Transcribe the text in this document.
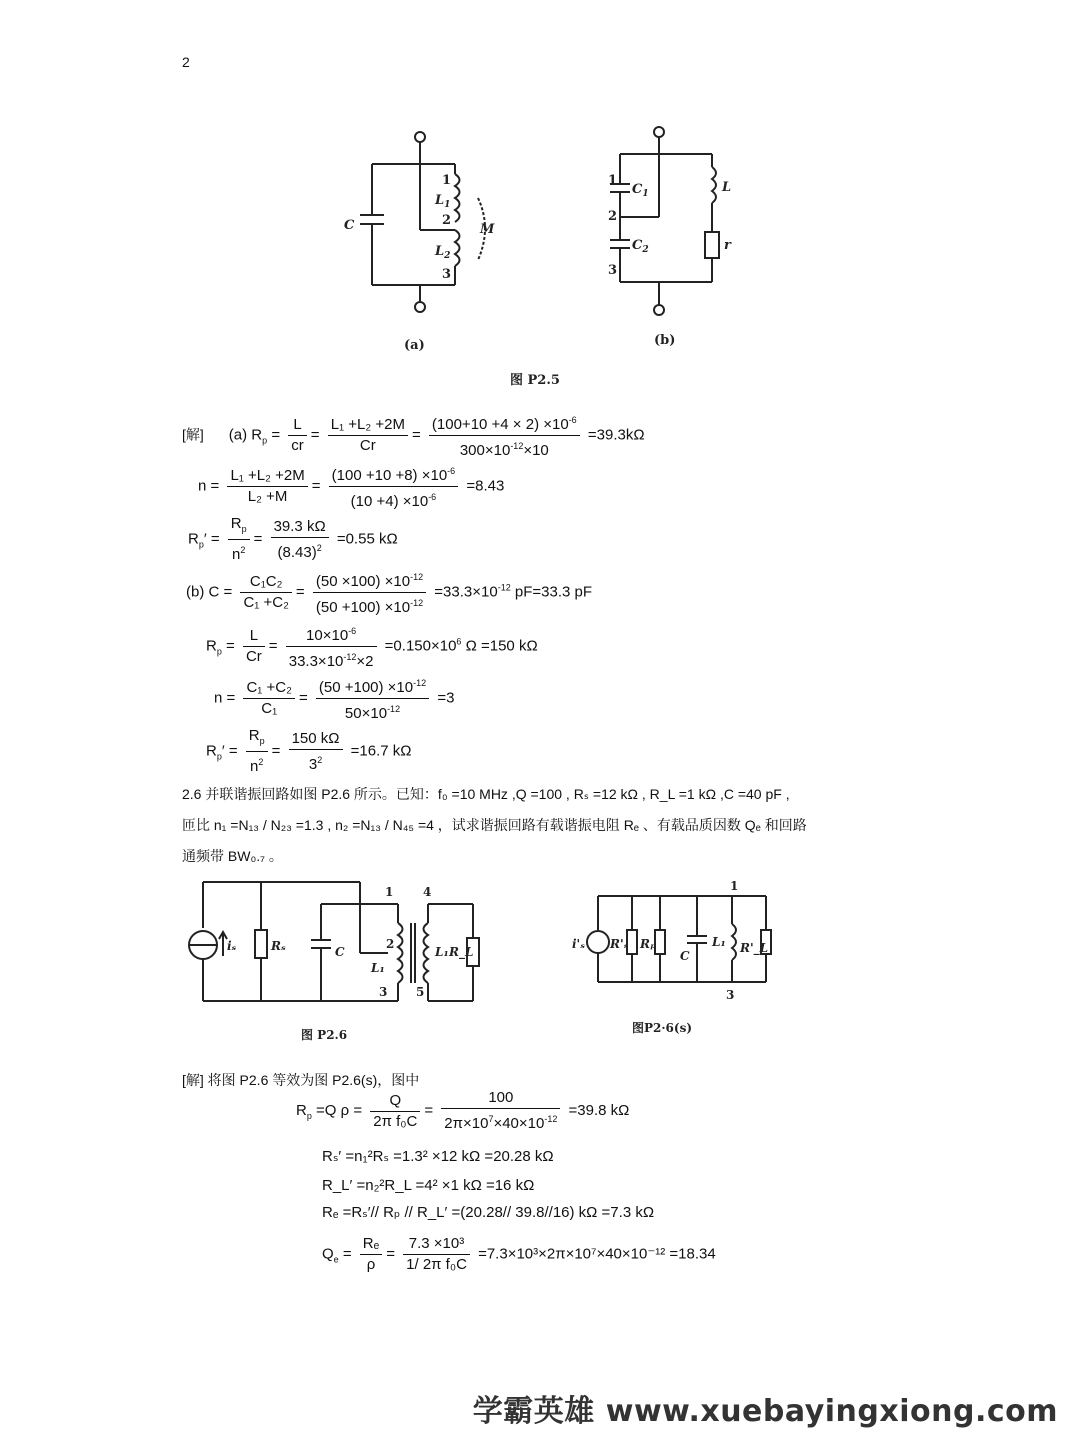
2
C
$L_1$
$L_2$
M
1
2
3
$C_1$
$C_2$
L
r
1
2
3
(a)	(b)
图 P2.5
[解] (a) $R_p = \frac{L}{cr} = \frac{\text{L₁ +L₂ +2M}}{Cr} = \frac{(100+10 +4 \times 2) \times 10^{-6}}{300\times 10^{-12}\times 10} =39.3k\Omega$
$n = \frac{\text{L₁ +L₂ +2M}}{\text{L₂ +M}} = \frac{(100 +10 +8) \times 10^{-6}}{(10 +4) \times 10^{-6}} =8.43$
$R_p' = \frac{R_p}{n^2} = \frac{39.3 k\Omega}{(8.43)^2} =0.55$ kΩ
(b) $C = \frac{\text{C₁C₂}}{\text{C₁ +C₂}} = \frac{(50 \times 100) \times 10^{-12}}{(50 +100) \times 10^{-12}} =33.3\times 10^{-12}$ pF=33.3 pF
$R_p = \frac{L}{Cr} = \frac{10\times 10^{-6}}{33.3\times 10^{-12}\times 2} =0.150\times 10^6$ Ω =150 kΩ
$n = \frac{\text{C₁ +C₂}}{\text{C₁}} = \frac{(50 +100) \times 10^{-12}}{50\times 10^{-12}} =3$
$R_p' = \frac{R_p}{n^2} = \frac{150 k\Omega}{3^2} =16.7$ kΩ
2.6 并联谐振回路如图 P2.6 所示。已知：f₀ =10 MHz ,Q =100 , Rₛ =12 kΩ , R_L =1 kΩ ,C =40 pF ,
匝比 n₁ =N₁₃ / N₂₃ =1.3 , n₂ =N₁₃ / N₄₅ =4 ，试求谐振回路有载谐振电阻 Rₑ 、有载品质因数 Qₑ 和回路
通频带 BW₀.₇ 。
iₛ	Rₛ	C
L₁
L₁ R_L
1
2
3
4
5
图 P2.6
i'ₛ R'ₛ Rₚ
C
L₁ R'_L
1
3
图P2·6(s)
[解] 将图 P2.6 等效为图 P2.6(s)，图中
$R_p =Q$ $\rho = \frac{Q}{\text{2π f₀C}} = \frac{100}{2\pi\times 10^7\times 40\times 10^{-12}} =39.8$ kΩ
Rₛ′ =n₁²Rₛ =1.3² ×12 kΩ =20.28 kΩ
R_L′ =n₂²R_L =4² ×1 kΩ =16 kΩ
Rₑ =Rₛ′// Rₚ // R_L′ =(20.28// 39.8//16) kΩ =7.3 kΩ
$Q_e = \frac{\text{Rₑ}}{\rho} = \frac{\text{7.3 ×10³}}{\text{1/ 2π f₀C}} =7.3\times 10^3\times 2\pi\times 10^7\times 40\times 10^{-12} =18.34$
学霸英雄 www.xuebayingxiong.com
